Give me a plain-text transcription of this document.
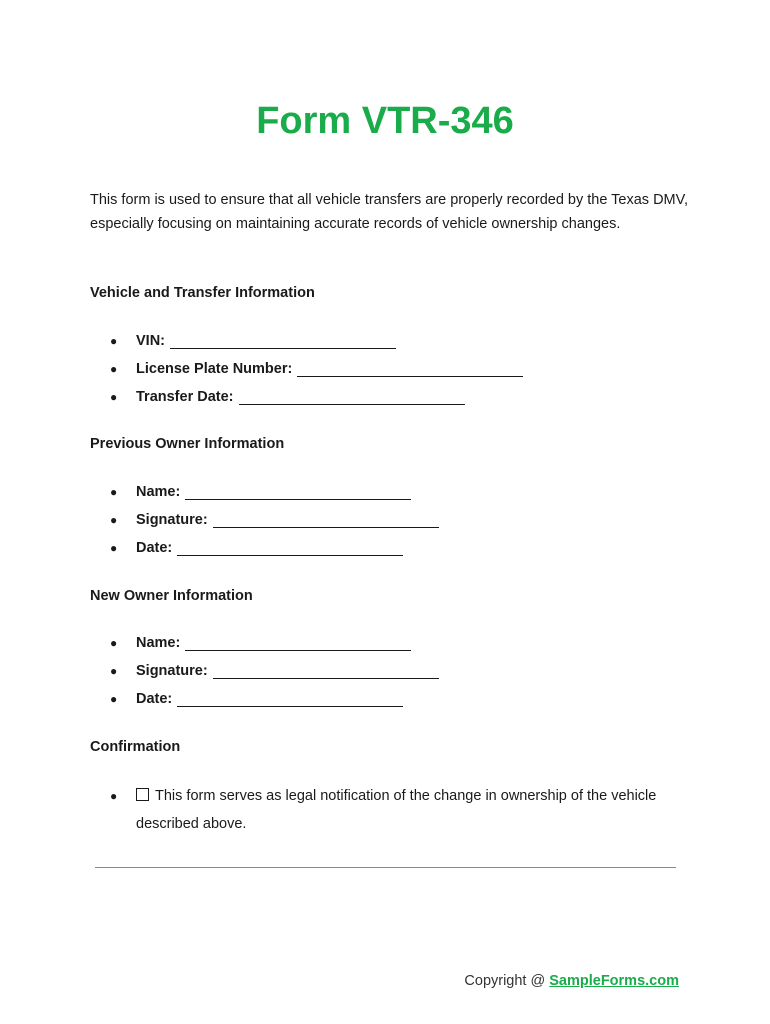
Form VTR-346

This form is used to ensure that all vehicle transfers are properly recorded by the Texas DMV, especially focusing on maintaining accurate records of vehicle ownership changes.

Vehicle and Transfer Information
●	VIN:
●	License Plate Number:
●	Transfer Date:
Previous Owner Information
●	Name:
●	Signature:
●	Date:
New Owner Information
●	Name:
●	Signature:
●	Date:
Confirmation
●	This form serves as legal notification of the change in ownership of the vehicle described above.
Copyright @ SampleForms.com
